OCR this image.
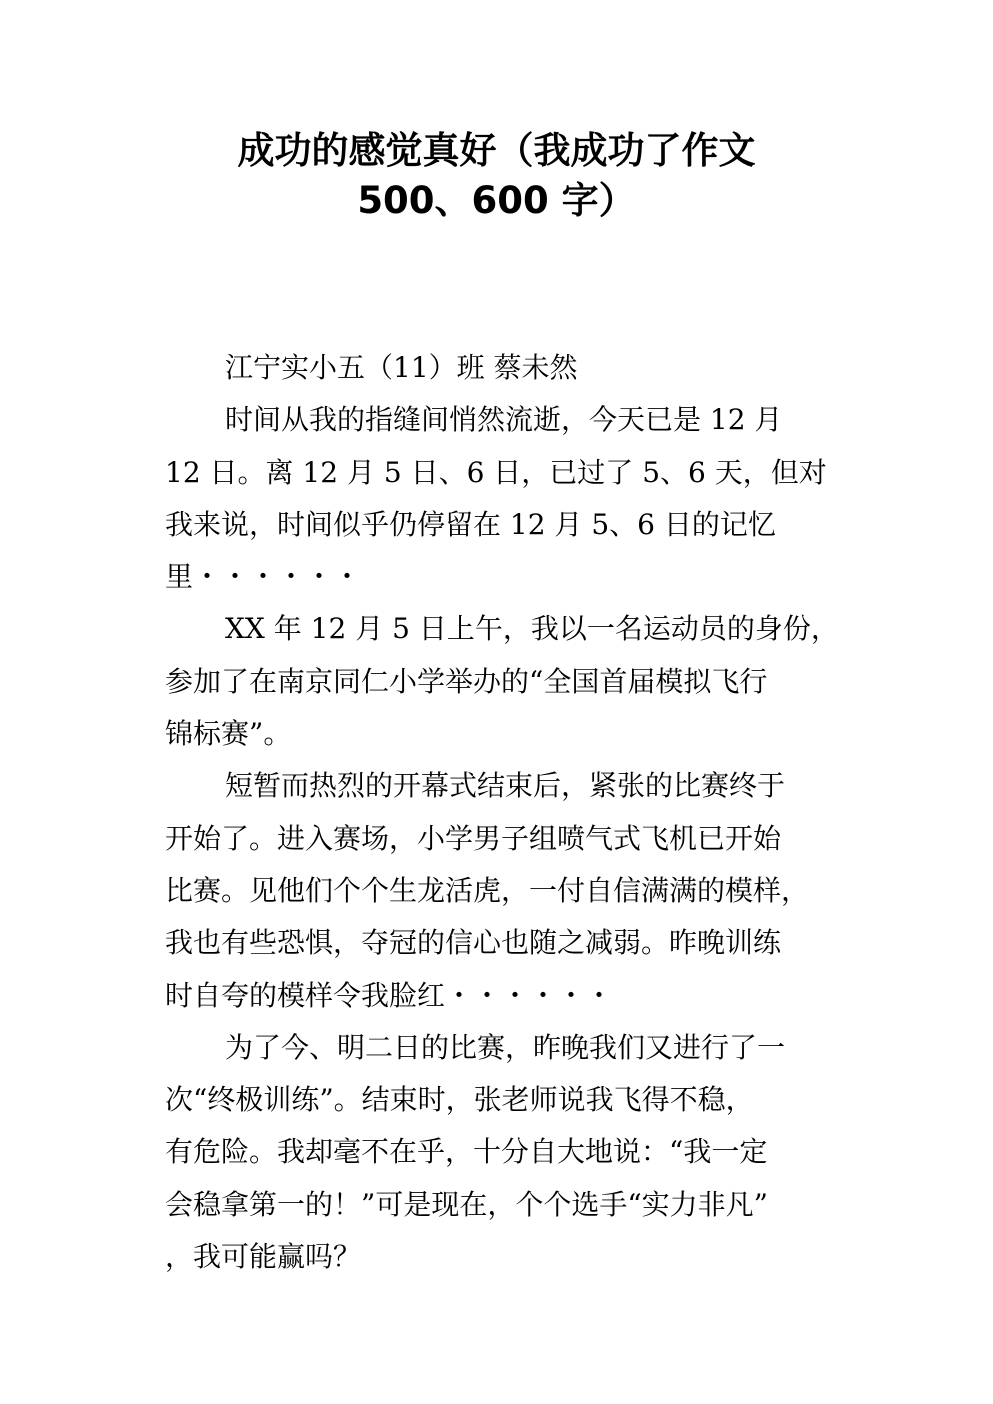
成功的感觉真好（我成功了作文
500、600 字）

江宁实小五（11）班 蔡未然

时间从我的指缝间悄然流逝，今天已是 12 月
12 日。离 12 月 5 日、6 日，已过了 5、6 天，但对
我来说，时间似乎仍停留在 12 月 5、6 日的记忆
里・・・・・・

XX 年 12 月 5 日上午，我以一名运动员的身份，
参加了在南京同仁小学举办的“全国首届模拟飞行
锦标赛”。

短暂而热烈的开幕式结束后，紧张的比赛终于
开始了。进入赛场，小学男子组喷气式飞机已开始
比赛。见他们个个生龙活虎，一付自信满满的模样，
我也有些恐惧，夺冠的信心也随之减弱。昨晚训练
时自夸的模样令我脸红・・・・・・

为了今、明二日的比赛，昨晚我们又进行了一
次“终极训练”。结束时，张老师说我飞得不稳，
有危险。我却毫不在乎，十分自大地说：“我一定
会稳拿第一的！”可是现在，个个选手“实力非凡”
，我可能赢吗？
